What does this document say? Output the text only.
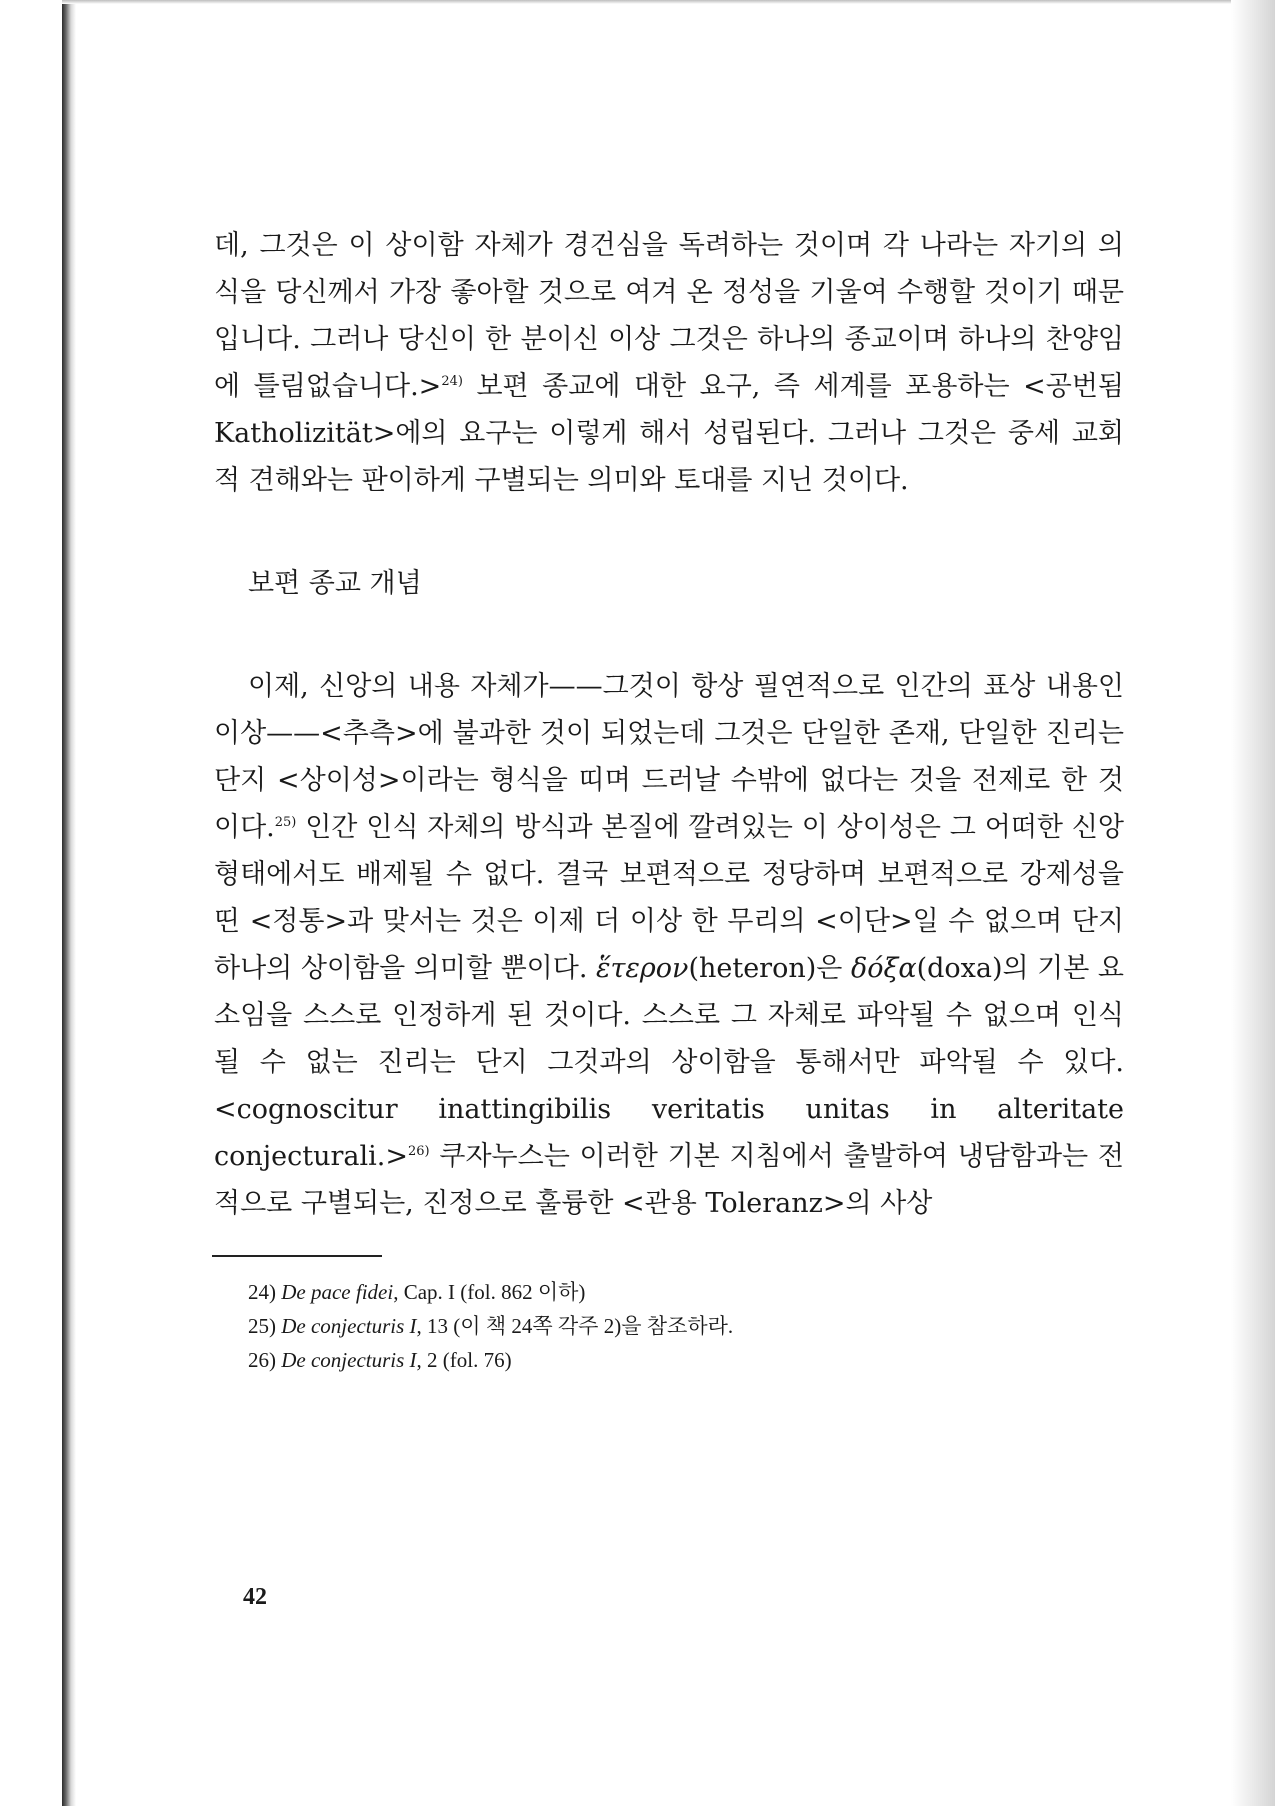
데, 그것은 이 상이함 자체가 경건심을 독려하는 것이며 각 나라는 자기의 의식을 당신께서 가장 좋아할 것으로 여겨 온 정성을 기울여 수행할 것이기 때문입니다. 그러나 당신이 한 분이신 이상 그것은 하나의 종교이며 하나의 찬양임에 틀림없습니다.>$^{24)}$ 보편 종교에 대한 요구, 즉 세계를 포용하는 <공번됨 Katholizität>에의 요구는 이렇게 해서 성립된다. 그러나 그것은 중세 교회적 견해와는 판이하게 구별되는 의미와 토대를 지닌 것이다.

보편 종교 개념

이제, 신앙의 내용 자체가——그것이 항상 필연적으로 인간의 표상 내용인 이상——<추측>에 불과한 것이 되었는데 그것은 단일한 존재, 단일한 진리는 단지 <상이성>이라는 형식을 띠며 드러날 수밖에 없다는 것을 전제로 한 것이다.$^{25)}$ 인간 인식 자체의 방식과 본질에 깔려있는 이 상이성은 그 어떠한 신앙 형태에서도 배제될 수 없다. 결국 보편적으로 정당하며 보편적으로 강제성을 띤 <정통>과 맞서는 것은 이제 더 이상 한 무리의 <이단>일 수 없으며 단지 하나의 상이함을 의미할 뿐이다. ἕτερον(heteron)은 δόξα(doxa)의 기본 요소임을 스스로 인정하게 된 것이다. 스스로 그 자체로 파악될 수 없으며 인식될 수 없는 진리는 단지 그것과의 상이함을 통해서만 파악될 수 있다. <cognoscitur inattingibilis veritatis unitas in alteritate conjecturali.>$^{26)}$ 쿠자누스는 이러한 기본 지침에서 출발하여 냉담함과는 전적으로 구별되는, 진정으로 훌륭한 <관용 Toleranz>의 사상

24) De pace fidei, Cap. I (fol. 862 이하)
25) De conjecturis I, 13 (이 책 24쪽 각주 2)을 참조하라.
26) De conjecturis I, 2 (fol. 76)
42
